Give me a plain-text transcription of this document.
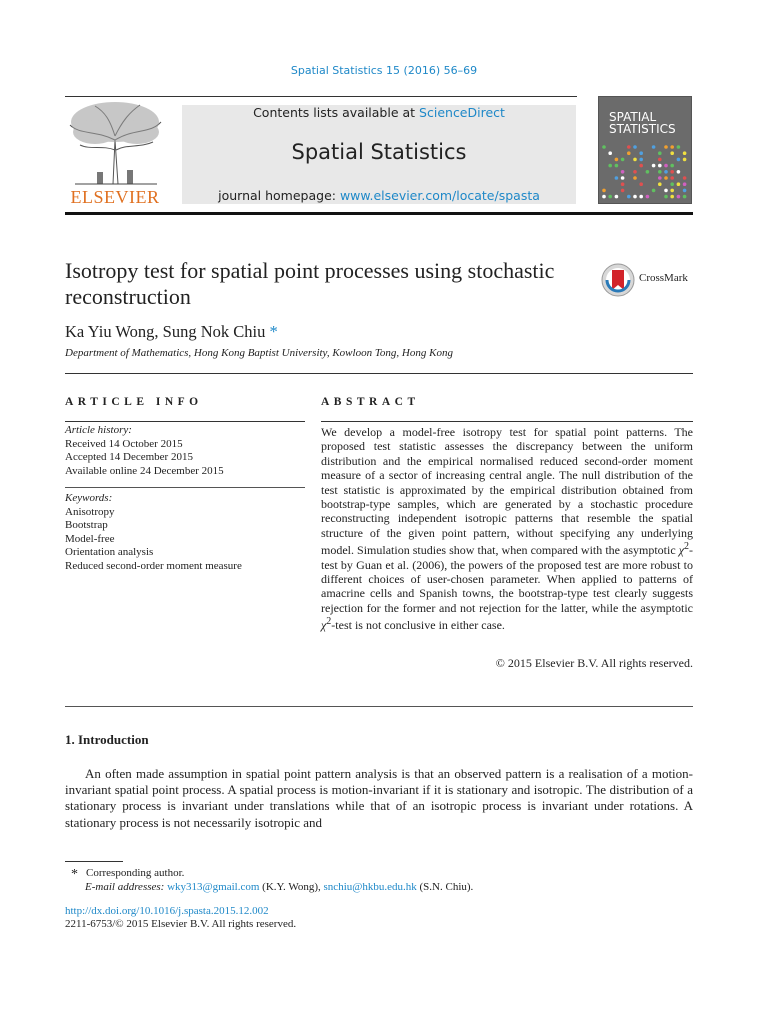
Spatial Statistics 15 (2016) 56–69
ELSEVIER
Contents lists available at ScienceDirect
Spatial Statistics
journal homepage: www.elsevier.com/locate/spasta
SPATIAL
STATISTICS
Isotropy test for spatial point processes using stochastic reconstruction
CrossMark
Ka Yiu Wong, Sung Nok Chiu *
Department of Mathematics, Hong Kong Baptist University, Kowloon Tong, Hong Kong
ARTICLE INFO	ABSTRACT
Article history:
Received 14 October 2015
Accepted 14 December 2015
Available online 24 December 2015
Keywords:
Anisotropy
Bootstrap
Model-free
Orientation analysis
Reduced second-order moment measure
We develop a model-free isotropy test for spatial point patterns. The proposed test statistic assesses the discrepancy between the uniform distribution and the empirical normalised reduced second-order moment measure of a sector of increasing central angle. The null distribution of the test statistic is approximated by the empirical distribution obtained from bootstrap-type samples, which are generated by a stochastic procedure reconstructing independent isotropic patterns that resemble the spatial structure of the given point pattern, without specifying any underlying model. Simulation studies show that, when compared with the asymptotic $\chi^2$-test by Guan et al. (2006), the powers of the proposed test are more robust to different choices of user-chosen parameter. When applied to patterns of amacrine cells and Spanish towns, the bootstrap-type test clearly suggests rejection for the former and not rejection for the latter, while the asymptotic $\chi^2$-test is not conclusive in either case.
© 2015 Elsevier B.V. All rights reserved.
1. Introduction
An often made assumption in spatial point pattern analysis is that an observed pattern is a realisation of a motion-invariant spatial point process. A spatial process is motion-invariant if it is stationary and isotropic. The distribution of a stationary process is invariant under translations while that of an isotropic process is invariant under rotations. A stationary process is not necessarily isotropic and
* Corresponding author.
E-mail addresses: wky313@gmail.com (K.Y. Wong), snchiu@hkbu.edu.hk (S.N. Chiu).
http://dx.doi.org/10.1016/j.spasta.2015.12.002
2211-6753/© 2015 Elsevier B.V. All rights reserved.
